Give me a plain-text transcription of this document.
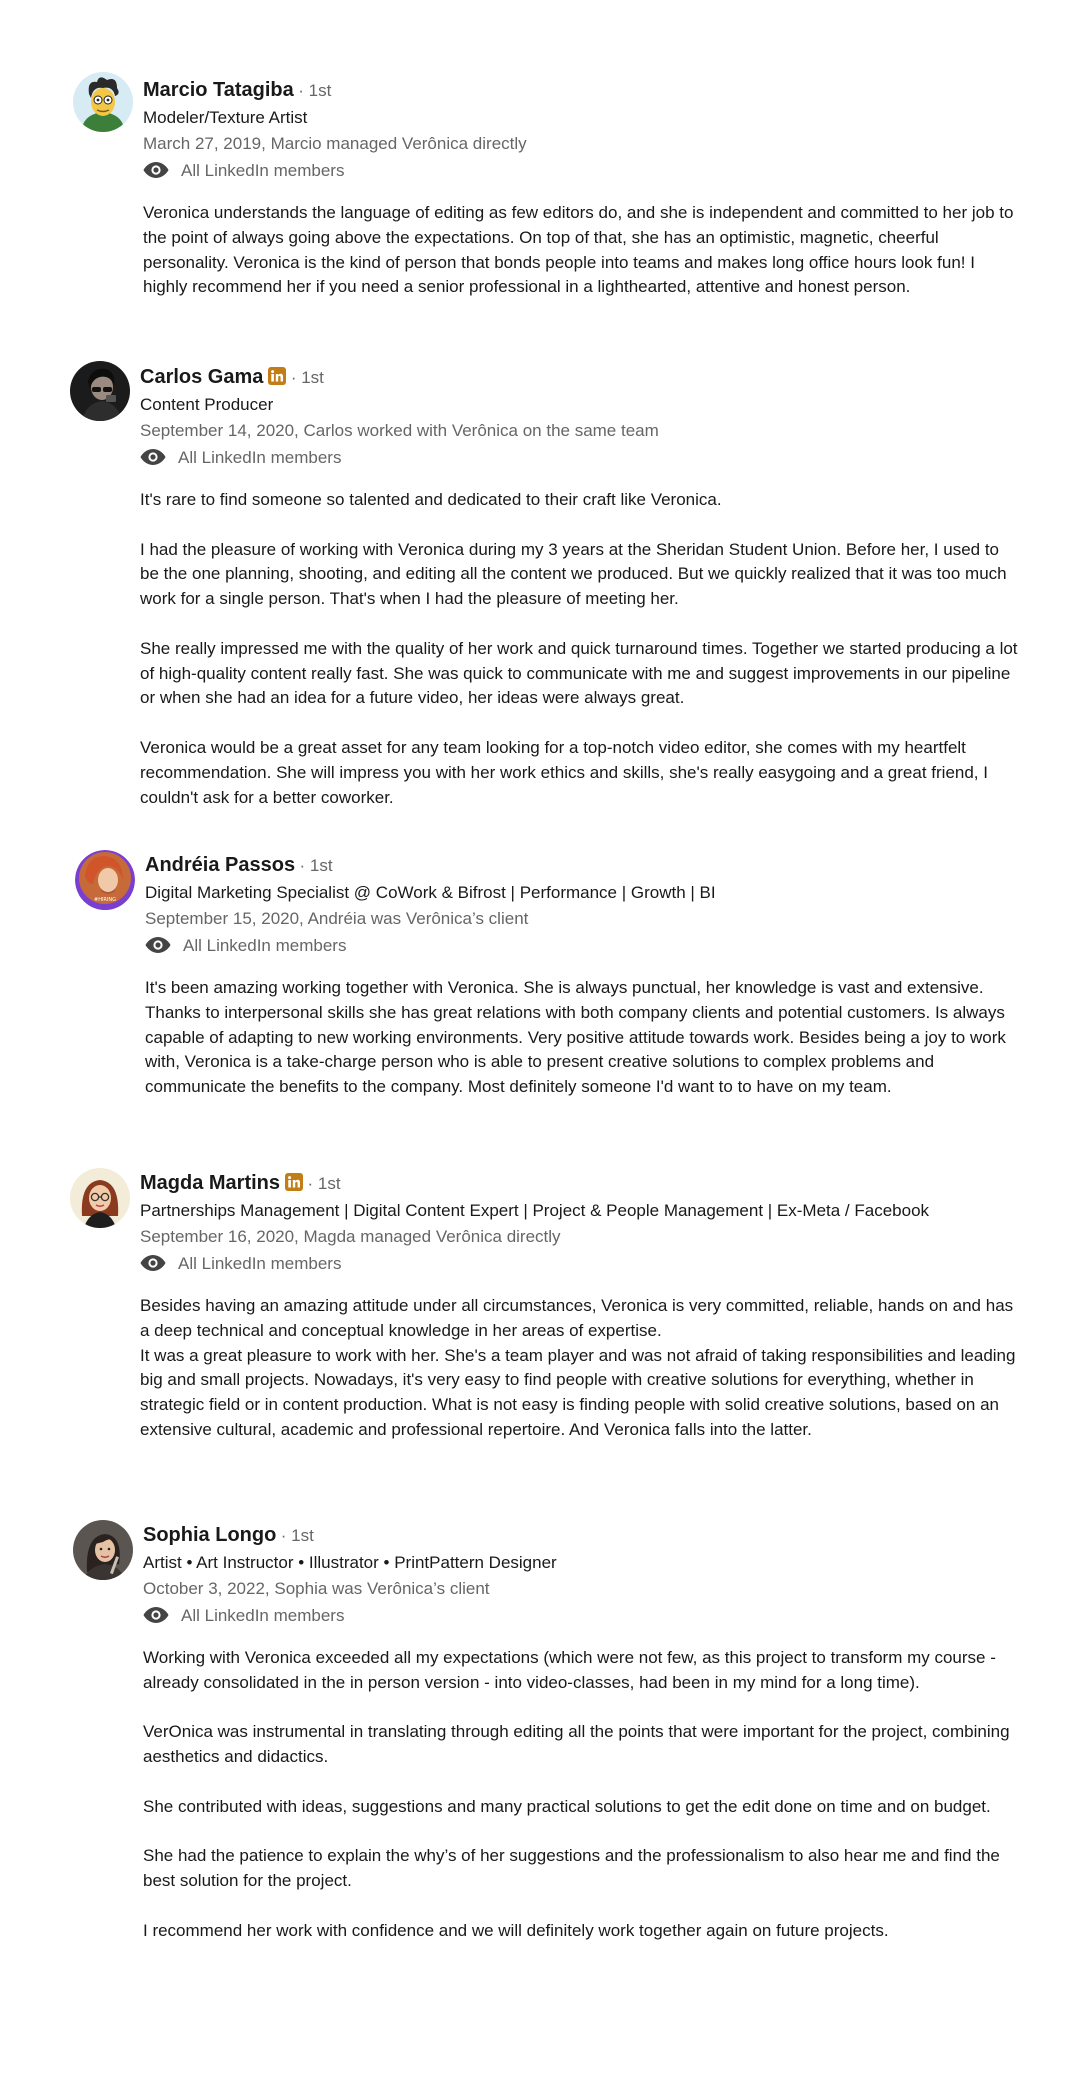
Marcio Tatagiba · 1st
Modeler/Texture Artist
March 27, 2019, Marcio managed Verônica directly
All LinkedIn members

Veronica understands the language of editing as few editors do, and she is independent and committed to her job to the point of always going above the expectations. On top of that, she has an optimistic, magnetic, cheerful personality. Veronica is the kind of person that bonds people into teams and makes long office hours look fun! I highly recommend her if you need a senior professional in a lighthearted, attentive and honest person.

Carlos Gama · 1st
Content Producer
September 14, 2020, Carlos worked with Verônica on the same team
All LinkedIn members

It's rare to find someone so talented and dedicated to their craft like Veronica.

I had the pleasure of working with Veronica during my 3 years at the Sheridan Student Union. Before her, I used to be the one planning, shooting, and editing all the content we produced. But we quickly realized that it was too much work for a single person. That's when I had the pleasure of meeting her.

She really impressed me with the quality of her work and quick turnaround times. Together we started producing a lot of high-quality content really fast. She was quick to communicate with me and suggest improvements in our pipeline or when she had an idea for a future video, her ideas were always great.

Veronica would be a great asset for any team looking for a top-notch video editor, she comes with my heartfelt recommendation. She will impress you with her work ethics and skills, she's really easygoing and a great friend, I couldn't ask for a better coworker.

#HIRING
Andréia Passos · 1st
Digital Marketing Specialist @ CoWork & Bifrost | Performance | Growth | BI
September 15, 2020, Andréia was Verônica’s client
All LinkedIn members

It's been amazing working together with Veronica. She is always punctual, her knowledge is vast and extensive. Thanks to interpersonal skills she has great relations with both company clients and potential customers. Is always capable of adapting to new working environments. Very positive attitude towards work. Besides being a joy to work with, Veronica is a take-charge person who is able to present creative solutions to complex problems and communicate the benefits to the company. Most definitely someone I'd want to to have on my team.

Magda Martins · 1st
Partnerships Management | Digital Content Expert | Project & People Management | Ex-Meta / Facebook
September 16, 2020, Magda managed Verônica directly
All LinkedIn members
Besides having an amazing attitude under all circumstances, Veronica is very committed, reliable, hands on and has a deep technical and conceptual knowledge in her areas of expertise.
It was a great pleasure to work with her. She's a team player and was not afraid of taking responsibilities and leading big and small projects. Nowadays, it's very easy to find people with creative solutions for everything, whether in strategic field or in content production. What is not easy is finding people with solid creative solutions, based on an extensive cultural, academic and professional repertoire. And Veronica falls into the latter.
Sophia Longo · 1st
Artist • Art Instructor • Illustrator • PrintPattern Designer
October 3, 2022, Sophia was Verônica’s client
All LinkedIn members

Working with Veronica exceeded all my expectations (which were not few, as this project to transform my course - already consolidated in the in person version - into video-classes, had been in my mind for a long time).

VerOnica was instrumental in translating through editing all the points that were important for the project, combining aesthetics and didactics.

She contributed with ideas, suggestions and many practical solutions to get the edit done on time and on budget.

She had the patience to explain the why’s of her suggestions and the professionalism to also hear me and find the best solution for the project.

I recommend her work with confidence and we will definitely work together again on future projects.
